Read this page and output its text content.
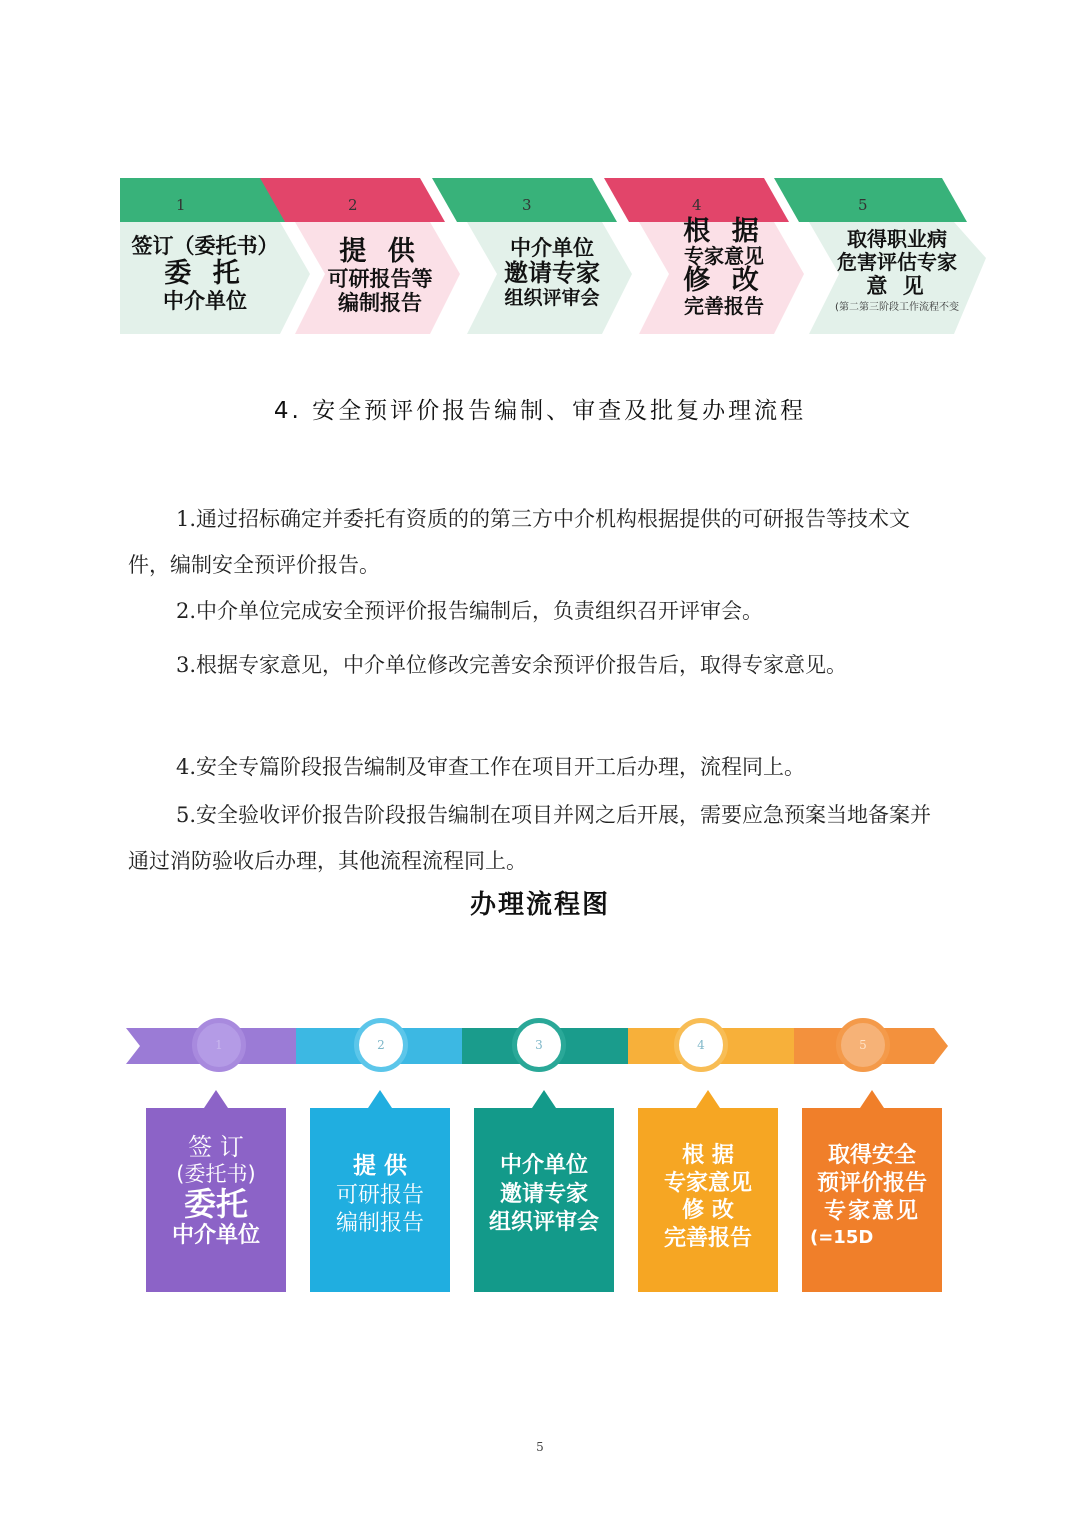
1
签订（委托书）
委 托
中介单位
2
提 供
可研报告等
编制报告
3
中介单位
邀请专家
组织评审会
4
根 据
专家意见
修 改
完善报告
5
取得职业病
危害评估专家
意 见
(第二第三阶段工作流程不变
4. 安全预评价报告编制、审查及批复办理流程
1.通过招标确定并委托有资质的的第三方中介机构根据提供的可研报告等技术文件，编制安全预评价报告。
2.中介单位完成安全预评价报告编制后，负责组织召开评审会。
3.根据专家意见，中介单位修改完善安余预评价报告后，取得专家意见。
4.安全专篇阶段报告编制及审查工作在项目开工后办理，流程同上。
5.安全验收评价报告阶段报告编制在项目并网之后开展，需要应急预案当地备案并通过消防验收后办理，其他流程流程同上。
办理流程图
1	2	3	4	5
签 订
(委托书)
委托
中介单位
提 供
可研报告
编制报告
中介单位
邀请专家
组织评审会
根 据
专家意见
修 改
完善报告
取得安全
预评价报告
专家意见
(=15D
5
